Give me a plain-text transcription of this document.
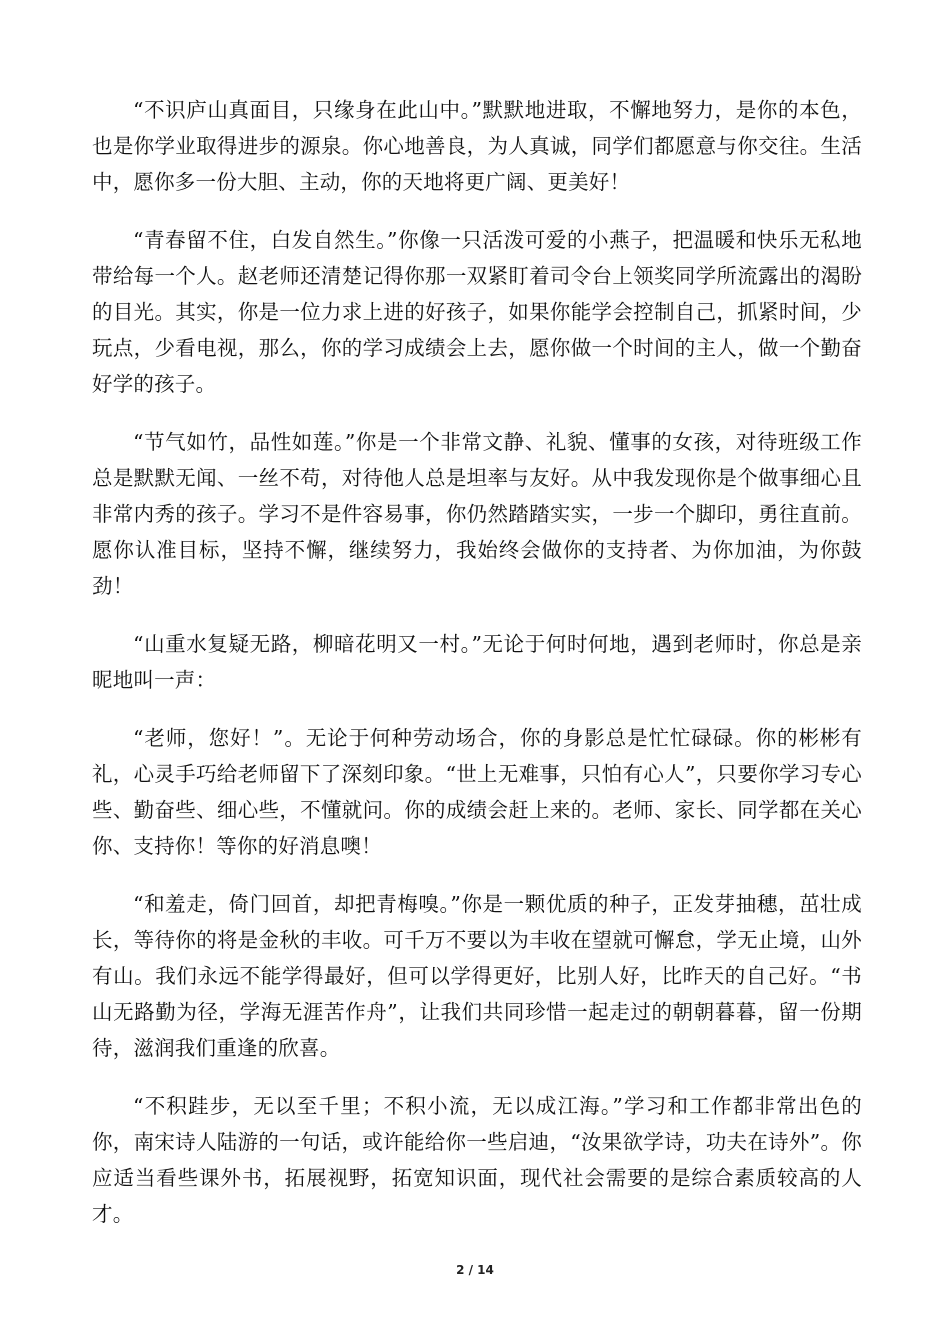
“不识庐山真面目，只缘身在此山中。”默默地进取，不懈地努力，是你的本色，也是你学业取得进步的源泉。你心地善良，为人真诚，同学们都愿意与你交往。生活中，愿你多一份大胆、主动，你的天地将更广阔、更美好！

“青春留不住，白发自然生。”你像一只活泼可爱的小燕子，把温暖和快乐无私地带给每一个人。赵老师还清楚记得你那一双紧盯着司令台上领奖同学所流露出的渴盼的目光。其实，你是一位力求上进的好孩子，如果你能学会控制自己，抓紧时间，少玩点，少看电视，那么，你的学习成绩会上去，愿你做一个时间的主人，做一个勤奋好学的孩子。

“节气如竹，品性如莲。”你是一个非常文静、礼貌、懂事的女孩，对待班级工作总是默默无闻、一丝不苟，对待他人总是坦率与友好。从中我发现你是个做事细心且非常内秀的孩子。学习不是件容易事，你仍然踏踏实实，一步一个脚印，勇往直前。愿你认准目标，坚持不懈，继续努力，我始终会做你的支持者、为你加油，为你鼓劲！

“山重水复疑无路，柳暗花明又一村。”无论于何时何地，遇到老师时，你总是亲昵地叫一声：

“老师，您好！”。无论于何种劳动场合，你的身影总是忙忙碌碌。你的彬彬有礼，心灵手巧给老师留下了深刻印象。“世上无难事，只怕有心人”，只要你学习专心些、勤奋些、细心些，不懂就问。你的成绩会赶上来的。老师、家长、同学都在关心你、支持你！等你的好消息噢！

“和羞走，倚门回首，却把青梅嗅。”你是一颗优质的种子，正发芽抽穗，茁壮成长，等待你的将是金秋的丰收。可千万不要以为丰收在望就可懈怠，学无止境，山外有山。我们永远不能学得最好，但可以学得更好，比别人好，比昨天的自己好。“书山无路勤为径，学海无涯苦作舟”，让我们共同珍惜一起走过的朝朝暮暮，留一份期待，滋润我们重逢的欣喜。

“不积跬步，无以至千里；不积小流，无以成江海。”学习和工作都非常出色的你，南宋诗人陆游的一句话，或许能给你一些启迪，“汝果欲学诗，功夫在诗外”。你应适当看些课外书，拓展视野，拓宽知识面，现代社会需要的是综合素质较高的人才。

2 / 14
